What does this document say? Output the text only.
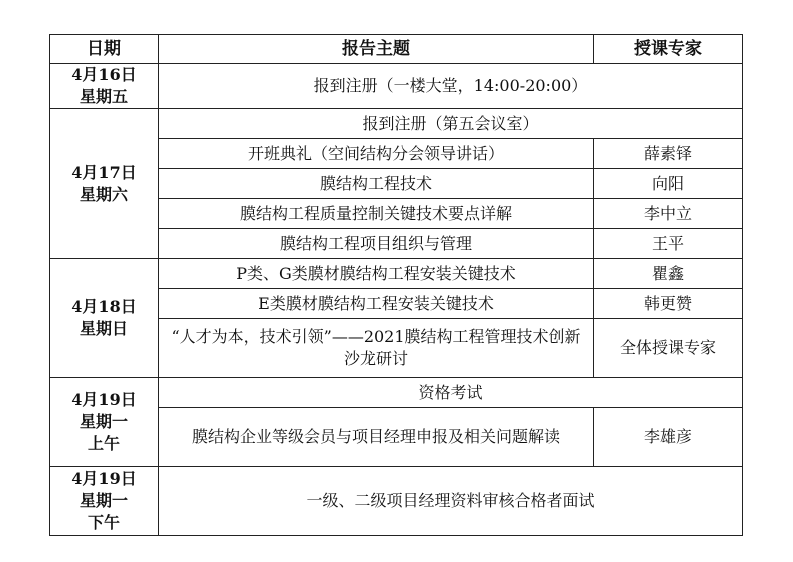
日期	报告主题	授课专家

4月16日
星期五	报到注册（一楼大堂，14:00-20:00）	

4月17日
星期六	报到注册（第五会议室）	
	开班典礼（空间结构分会领导讲话）	薛素铎
	膜结构工程技术	向阳
	膜结构工程质量控制关键技术要点详解	李中立
	膜结构工程项目组织与管理	王平

4月18日
星期日	P类、G类膜材膜结构工程安装关键技术	瞿鑫
	E类膜材膜结构工程安装关键技术	韩更赞
	“人才为本，技术引领”——2021膜结构工程管理技术创新沙龙研讨	全体授课专家

4月19日
星期一
上午	资格考试	
	膜结构企业等级会员与项目经理申报及相关问题解读	李雄彦

4月19日
星期一
下午	一级、二级项目经理资料审核合格者面试	
